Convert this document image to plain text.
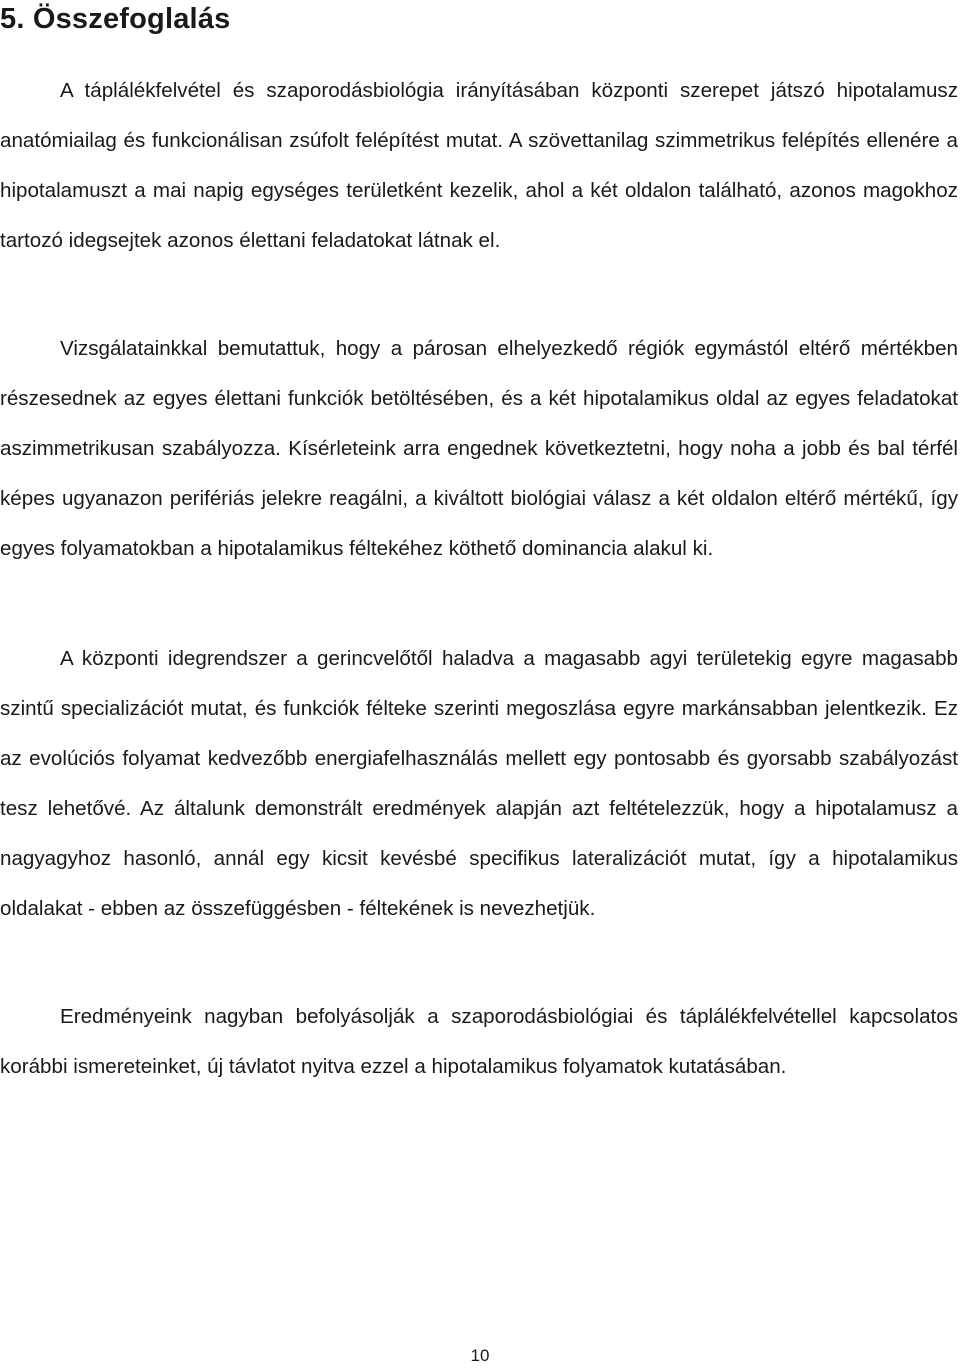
5. Összefoglalás

A táplálékfelvétel és szaporodásbiológia irányításában központi szerepet játszó hipotalamusz anatómiailag és funkcionálisan zsúfolt felépítést mutat. A szövettanilag szimmetrikus felépítés ellenére a hipotalamuszt a mai napig egységes területként kezelik, ahol a két oldalon található, azonos magokhoz tartozó idegsejtek azonos élettani feladatokat látnak el.

Vizsgálatainkkal bemutattuk, hogy a párosan elhelyezkedő régiók egymástól eltérő mértékben részesednek az egyes élettani funkciók betöltésében, és a két hipotalamikus oldal az egyes feladatokat aszimmetrikusan szabályozza. Kísérleteink arra engednek következtetni, hogy noha a jobb és bal térfél képes ugyanazon perifériás jelekre reagálni, a kiváltott biológiai válasz a két oldalon eltérő mértékű, így egyes folyamatokban a hipotalamikus féltekéhez köthető dominancia alakul ki.

A központi idegrendszer a gerincvelőtől haladva a magasabb agyi területekig egyre magasabb szintű specializációt mutat, és funkciók félteke szerinti megoszlása egyre markánsabban jelentkezik. Ez az evolúciós folyamat kedvezőbb energiafelhasználás mellett egy pontosabb és gyorsabb szabályozást tesz lehetővé. Az általunk demonstrált eredmények alapján azt feltételezzük, hogy a hipotalamusz a nagyagyhoz hasonló, annál egy kicsit kevésbé specifikus lateralizációt mutat, így a hipotalamikus oldalakat - ebben az összefüggésben - féltekének is nevezhetjük.

Eredményeink nagyban befolyásolják a szaporodásbiológiai és táplálékfelvétellel kapcsolatos korábbi ismereteinket, új távlatot nyitva ezzel a hipotalamikus folyamatok kutatásában.

10
